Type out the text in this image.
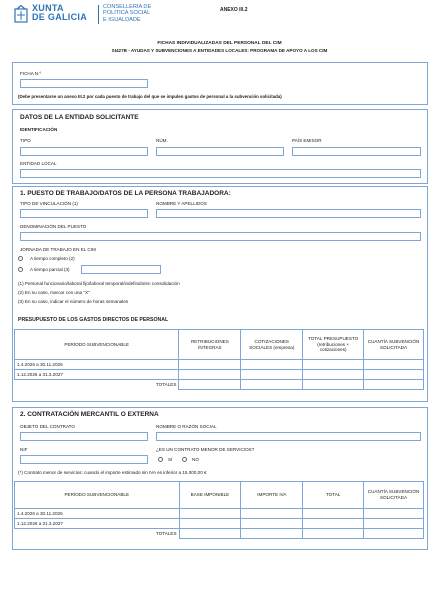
XUNTA
DE GALICIA
CONSELLERÍA DE
POLÍTICA SOCIAL
E IGUALDADE
ANEXO III.2
FICHAS INDIVIDUALIZADAS DEL PERSONAL DEL CIM
SI427B - AYUDAS Y SUBVENCIONES A ENTIDADES LOCALES: PROGRAMA DE APOYO A LOS CIM
FICHA N.º
(Debe presentarse un anexo III.2 por cada puesto de trabajo del que se impulen gastos de personal a la subvención solicitada)
DATOS DE LA ENTIDAD SOLICITANTE
IDENTIFICACIÓN
TIPO	NÚM.	PAÍS EMISOR
ENTIDAD LOCAL
1. PUESTO DE TRABAJO/DATOS DE LA PERSONA TRABAJADORA:
TIPO DE VINCULACIÓN (1)	NOMBRE Y APELLIDOS
DENOMINACIÓN DEL PUESTO
JORNADA DE TRABAJO EN EL CIM
A tiempo completo (2)
A tiempo parcial (3)
(1) Personal funcionario/laboral fijo/laboral temporal/indefinido/en consolidación
(2) En su caso, marcar con una "X"
(3) En su caso, indicar el número de horas semanales
PRESUPUESTO DE LOS GASTOS DIRECTOS DE PERSONAL
PERÍODO SUBVENCIONABLE	RETRIBUCIONES ÍNTEGRAS	COTIZACIONES SOCIALES (empresa)	TOTAL PRESUPUESTO (retribuciones + cotizaciones)	CUANTÍA SUBVENCIÓN SOLICITADA
1.4.2026 a 30.11.2026				
1.12.2026 a 31.3.2027				
TOTALES				
2. CONTRATACIÓN MERCANTIL O EXTERNA
OBJETO DEL CONTRATO	NOMBRE O RAZÓN SOCIAL
NIF	¿ES UN CONTRATO MENOR DE SERVICIOS?
SÍ	NO
(*) Contrato menor de servicios: cuando el importe estimado sin IVA es inferior a 15.000,00 €
PERÍODO SUBVENCIONABLE	BASE IMPONIBLE	IMPORTE IVA	TOTAL	CUANTÍA SUBVENCIÓN SOLICITADA
1.4.2026 a 30.11.2026				
1.12.2026 a 31.3.2027				
TOTALES				
